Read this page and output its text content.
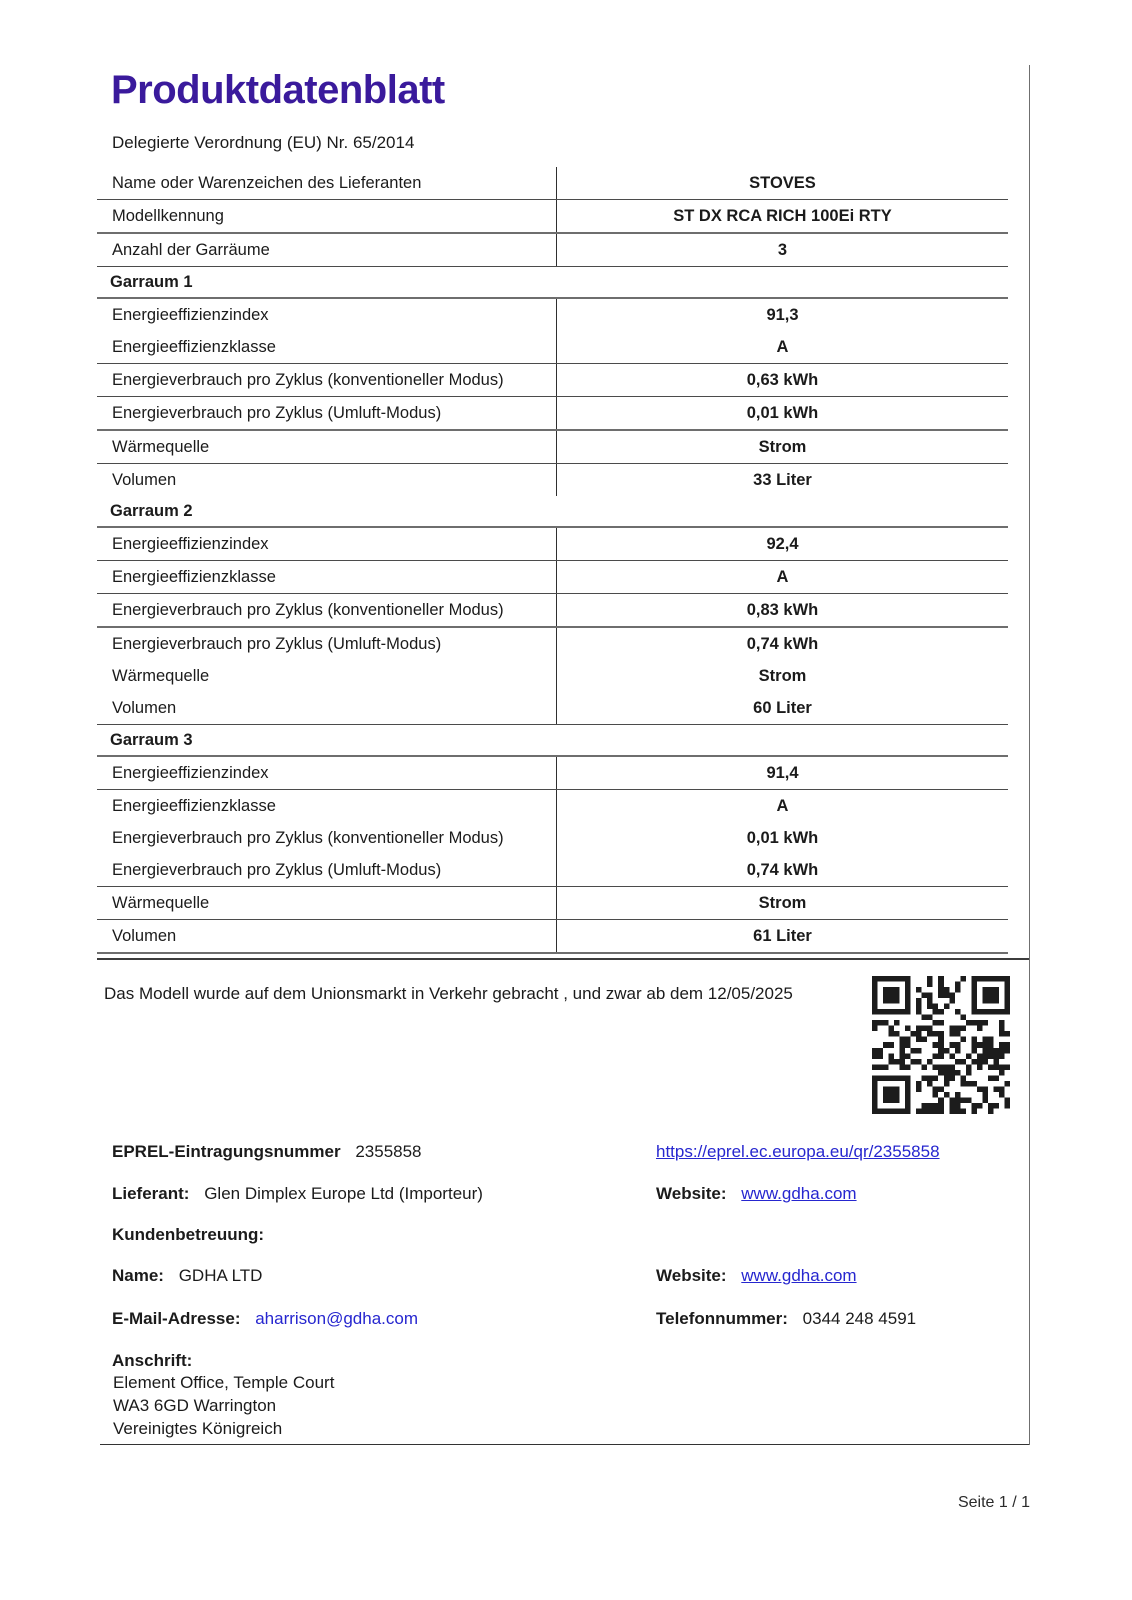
Produktdatenblatt
Delegierte Verordnung (EU) Nr. 65/2014
Name oder Warenzeichen des Lieferanten	STOVES
Modellkennung	ST DX RCA RICH 100Ei RTY
Anzahl der Garräume	3
Garraum 1
Energieeffizienzindex	91,3
Energieeffizienzklasse	A
Energieverbrauch pro Zyklus (konventioneller Modus)	0,63 kWh
Energieverbrauch pro Zyklus (Umluft-Modus)	0,01 kWh
Wärmequelle	Strom
Volumen	33 Liter
Garraum 2
Energieeffizienzindex	92,4
Energieeffizienzklasse	A
Energieverbrauch pro Zyklus (konventioneller Modus)	0,83 kWh
Energieverbrauch pro Zyklus (Umluft-Modus)	0,74 kWh
Wärmequelle	Strom
Volumen	60 Liter
Garraum 3
Energieeffizienzindex	91,4
Energieeffizienzklasse	A
Energieverbrauch pro Zyklus (konventioneller Modus)	0,01 kWh
Energieverbrauch pro Zyklus (Umluft-Modus)	0,74 kWh
Wärmequelle	Strom
Volumen	61 Liter
Das Modell wurde auf dem Unionsmarkt in Verkehr gebracht , und zwar ab dem 12/05/2025
EPREL-Eintragungsnummer 2355858	https://eprel.ec.europa.eu/qr/2355858
Lieferant: Glen Dimplex Europe Ltd (Importeur)	Website: www.gdha.com
Kundenbetreuung:
Name: GDHA LTD	Website: www.gdha.com
E-Mail-Adresse: aharrison@gdha.com	Telefonnummer: 0344 248 4591
Anschrift:
Element Office, Temple Court
WA3 6GD Warrington
Vereinigtes Königreich
Seite 1 / 1
